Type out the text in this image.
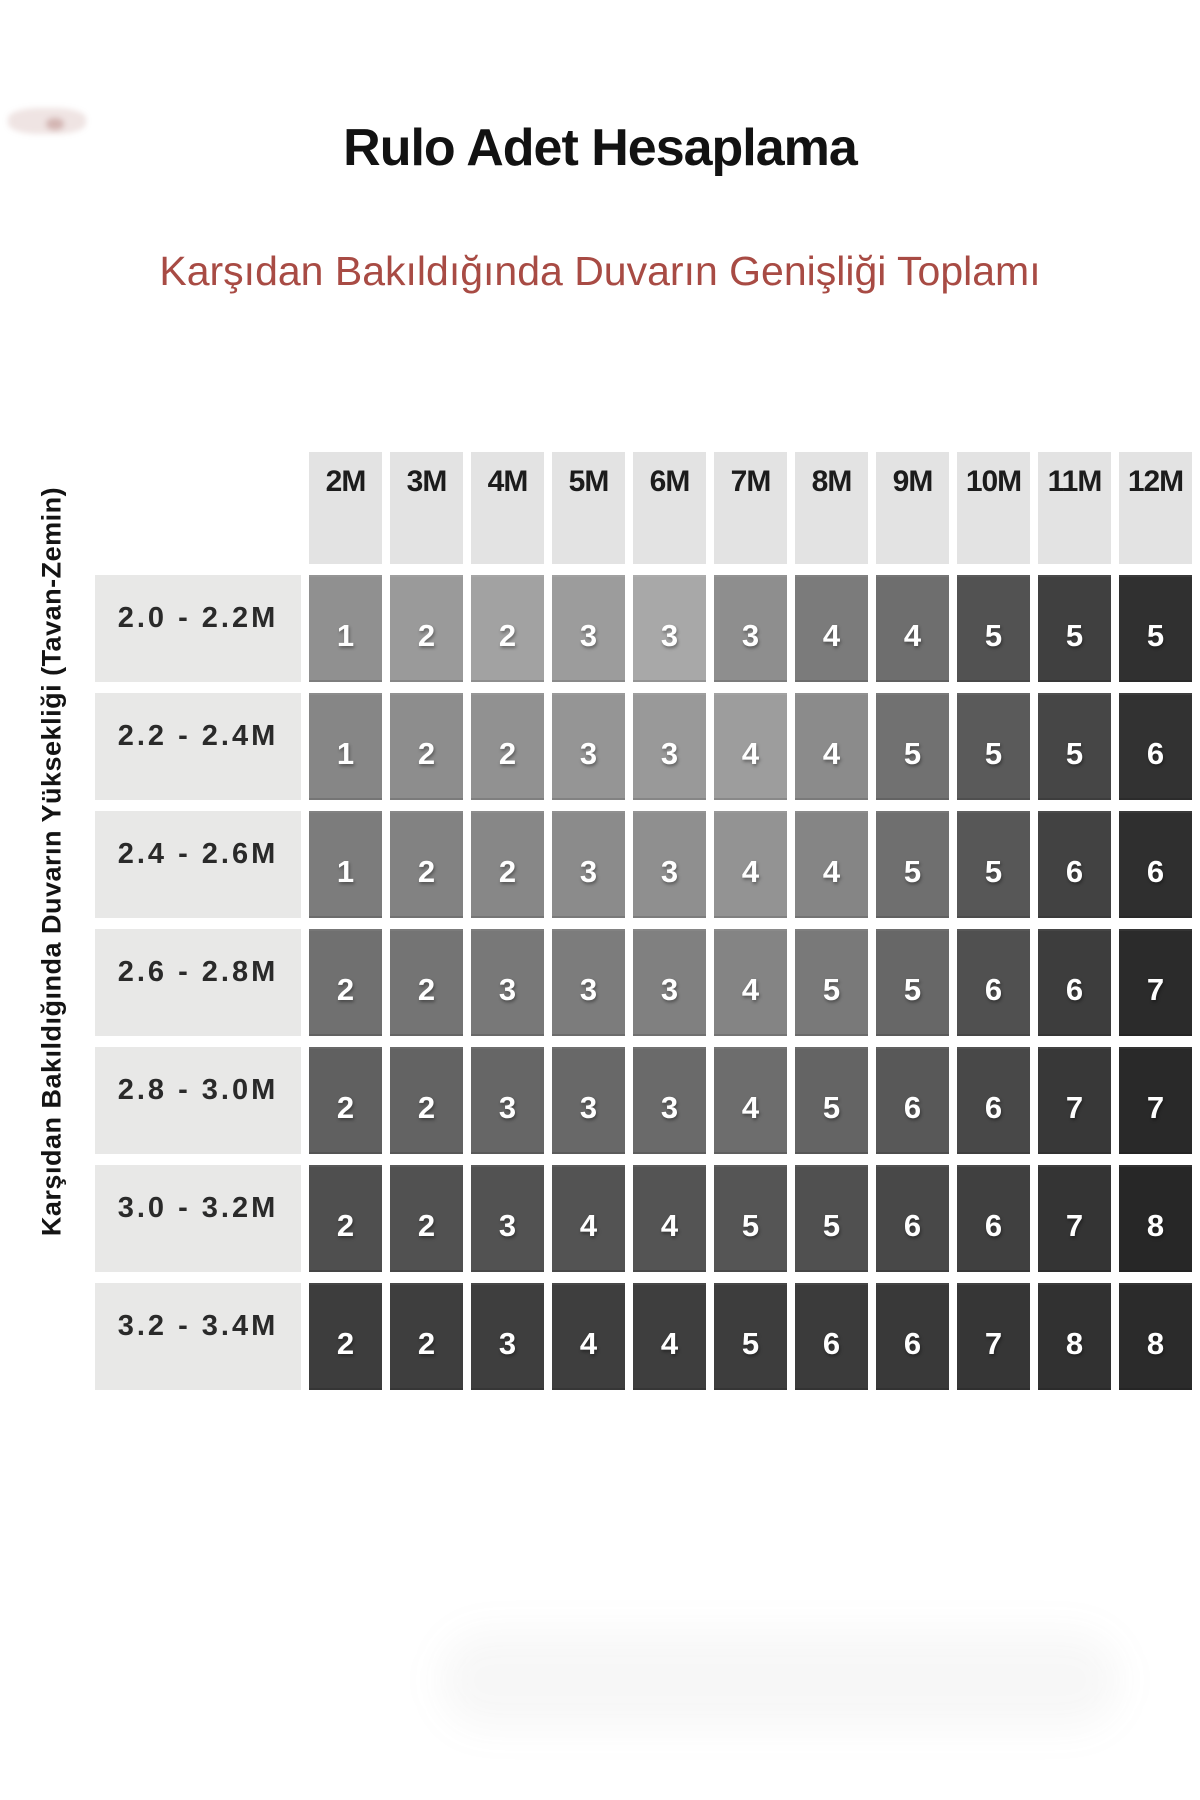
Rulo Adet Hesaplama
Karşıdan Bakıldığında Duvarın Genişliği Toplamı
Karşıdan Bakıldığında Duvarın Yüksekliği (Tavan-Zemin)
2M	3M	4M	5M	6M	7M	8M	9M	10M 11M 12M
2.0 - 2.2M	1	2	2	3	3	3	4	4	5	5	5
2.2 - 2.4M	1	2	2	3	3	4	4	5	5	5	6
2.4 - 2.6M	1	2	2	3	3	4	4	5	5	6	6
2.6 - 2.8M	2	2	3	3	3	4	5	5	6	6	7
2.8 - 3.0M	2	2	3	3	3	4	5	6	6	7	7
3.0 - 3.2M	2	2	3	4	4	5	5	6	6	7	8
3.2 - 3.4M	2	2	3	4	4	5	6	6	7	8	8
